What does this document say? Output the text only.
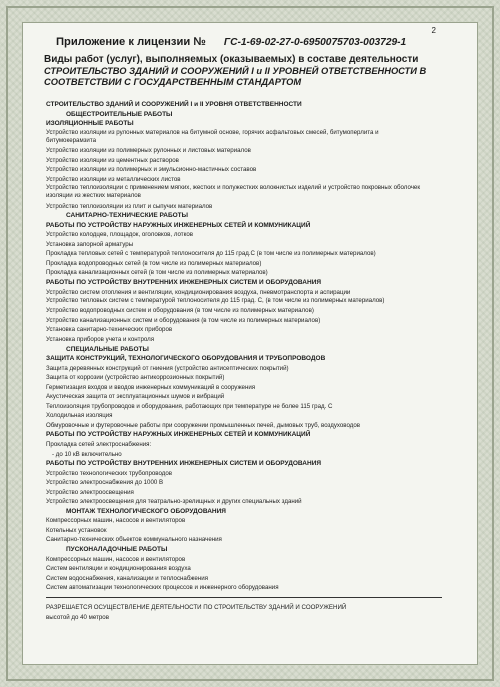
2
Приложение к лицензии № ГС-1-69-02-27-0-6950075703-003729-1
Виды работ (услуг), выполняемых (оказываемых) в составе деятельности
СТРОИТЕЛЬСТВО ЗДАНИЙ И СООРУЖЕНИЙ I и II УРОВНЕЙ ОТВЕТСТВЕННОСТИ В
СООТВЕТСТВИИ С ГОСУДАРСТВЕННЫМ СТАНДАРТОМ
СТРОИТЕЛЬСТВО ЗДАНИЙ И СООРУЖЕНИЙ I и II УРОВНЯ ОТВЕТСТВЕННОСТИ
ОБЩЕСТРОИТЕЛЬНЫЕ РАБОТЫ
ИЗОЛЯЦИОННЫЕ РАБОТЫ
Устройство изоляции из рулонных материалов на битумной основе, горячих асфальтовых смесей, битумоперлита и битумокерамзита
Устройство изоляции из полимерных рулонных и листовых материалов
Устройство изоляции из цементных растворов
Устройство изоляции из полимерных и эмульсионно-мастичных составов
Устройство изоляции из металлических листов
Устройство теплоизоляции с применением мягких, жестких и полужестких волокнистых изделий и устройство покровных оболочек изоляции из жестких материалов
Устройство теплоизоляции из плит и сыпучих материалов
САНИТАРНО-ТЕХНИЧЕСКИЕ РАБОТЫ
РАБОТЫ ПО УСТРОЙСТВУ НАРУЖНЫХ ИНЖЕНЕРНЫХ СЕТЕЙ И КОММУНИКАЦИЙ
Устройство колодцев, площадок, оголовков, лотков
Установка запорной арматуры
Прокладка тепловых сетей с температурой теплоносителя до 115 град.С (в том числе из полимерных материалов)
Прокладка водопроводных сетей (в том числе из полимерных материалов)
Прокладка канализационных сетей (в том числе из полимерных материалов)
РАБОТЫ ПО УСТРОЙСТВУ ВНУТРЕННИХ ИНЖЕНЕРНЫХ СИСТЕМ И ОБОРУДОВАНИЯ
Устройство систем отопления и вентиляции, кондиционирования воздуха, пневмотранспорта и аспирации
Устройство тепловых систем с температурой теплоносителя до 115 град. С, (в том числе из полимерных материалов)
Устройство водопроводных систем и оборудования (в том числе из полимерных материалов)
Устройство канализационных систем и оборудования (в том числе из полимерных материалов)
Установка санитарно-технических приборов
Установка приборов учета и контроля
СПЕЦИАЛЬНЫЕ РАБОТЫ
ЗАЩИТА КОНСТРУКЦИЙ, ТЕХНОЛОГИЧЕСКОГО ОБОРУДОВАНИЯ И ТРУБОПРОВОДОВ
Защита деревянных конструкций от гниения (устройство антисептических покрытий)
Защита от коррозии (устройство антикоррозионных покрытий)
Герметизация входов и вводов инженерных коммуникаций в сооружения
Акустическая защита от эксплуатационных шумов и вибраций
Теплоизоляция трубопроводов и оборудования, работающих при температуре не более 115 град. С
Холодильная изоляция
Обмуровочные и футеровочные работы при сооружении промышленных печей, дымовых труб, воздуховодов
РАБОТЫ ПО УСТРОЙСТВУ НАРУЖНЫХ ИНЖЕНЕРНЫХ СЕТЕЙ И КОММУНИКАЦИЙ
Прокладка сетей электроснабжения:
- до 10 кВ включительно
РАБОТЫ ПО УСТРОЙСТВУ ВНУТРЕННИХ ИНЖЕНЕРНЫХ СИСТЕМ И ОБОРУДОВАНИЯ
Устройство технологических трубопроводов
Устройство электроснабжения до 1000 В
Устройство электроосвещения
Устройство электроосвещения для театрально-зрелищных и других специальных зданий
МОНТАЖ ТЕХНОЛОГИЧЕСКОГО ОБОРУДОВАНИЯ
Компрессорных машин, насосов и вентиляторов
Котельных установок
Санитарно-технических объектов коммунального назначения
ПУСКОНАЛАДОЧНЫЕ РАБОТЫ
Компрессорных машин, насосов и вентиляторов
Систем вентиляции и кондиционирования воздуха
Систем водоснабжения, канализации и теплоснабжения
Систем автоматизации технологических процессов и инженерного оборудования
РАЗРЕШАЕТСЯ ОСУЩЕСТВЛЕНИЕ ДЕЯТЕЛЬНОСТИ ПО СТРОИТЕЛЬСТВУ ЗДАНИЙ И СООРУЖЕНИЙ
высотой до 40 метров
